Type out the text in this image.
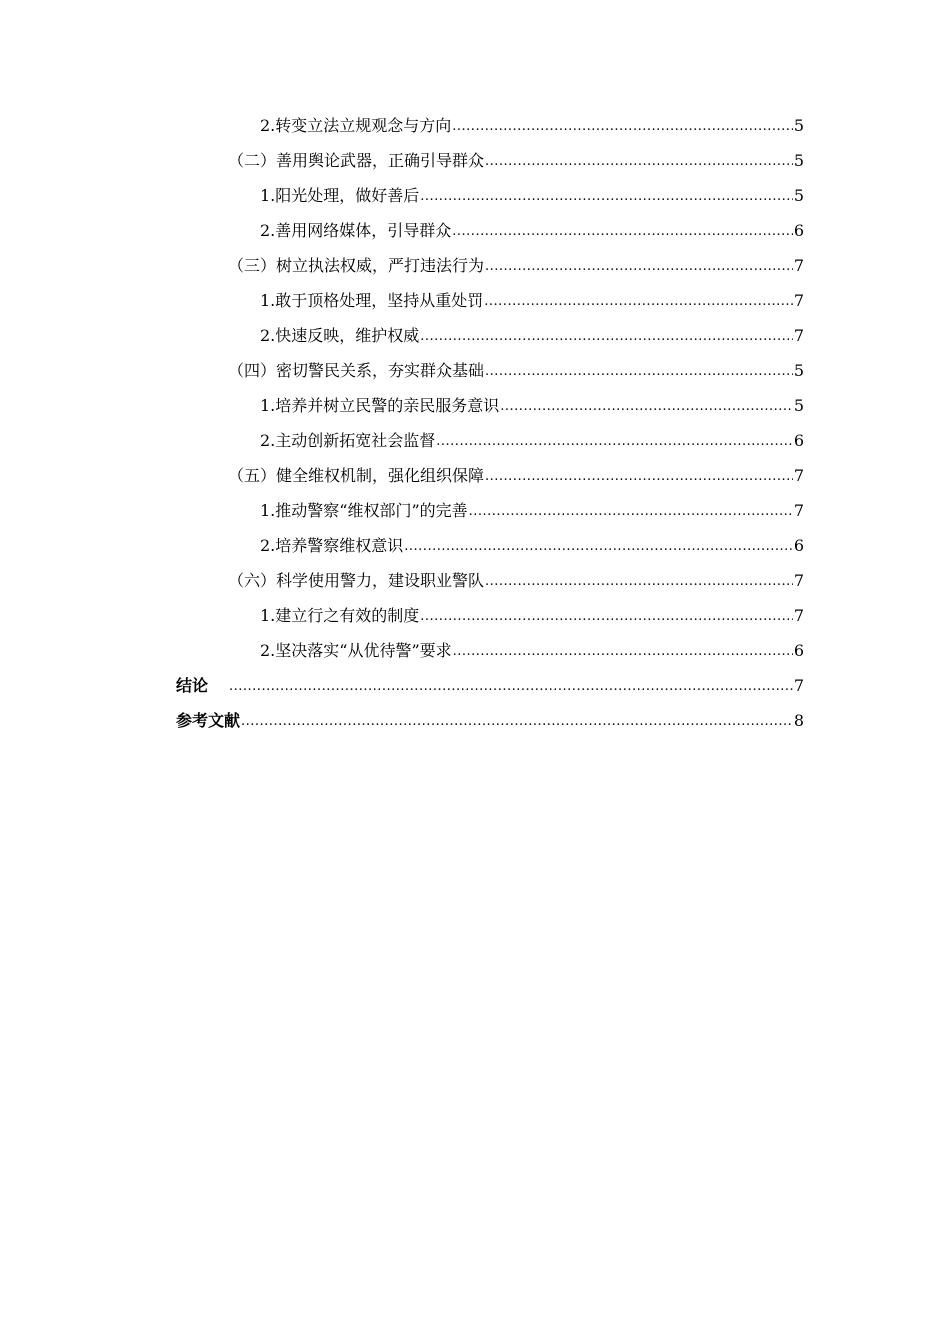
2.转变立法立规观念与方向 .....	5
（二）善用舆论武器，正确引导群众 .....	5
1.阳光处理，做好善后 .....	5
2.善用网络媒体，引导群众 .....	6
（三）树立执法权威，严打违法行为 .....	7
1.敢于顶格处理，坚持从重处罚 .....	7
2.快速反映，维护权威 .....	7
（四）密切警民关系，夯实群众基础 .....	5
1.培养并树立民警的亲民服务意识 .....	5
2.主动创新拓宽社会监督 .....	6
（五）健全维权机制，强化组织保障 .....	7
1.推动警察“维权部门”的完善 .....	7
2.培养警察维权意识 .....	6
（六）科学使用警力，建设职业警队 .....	7
1.建立行之有效的制度 .....	7
2.坚决落实“从优待警”要求 .....	6
结论 .....	7
参考文献 .....	8
